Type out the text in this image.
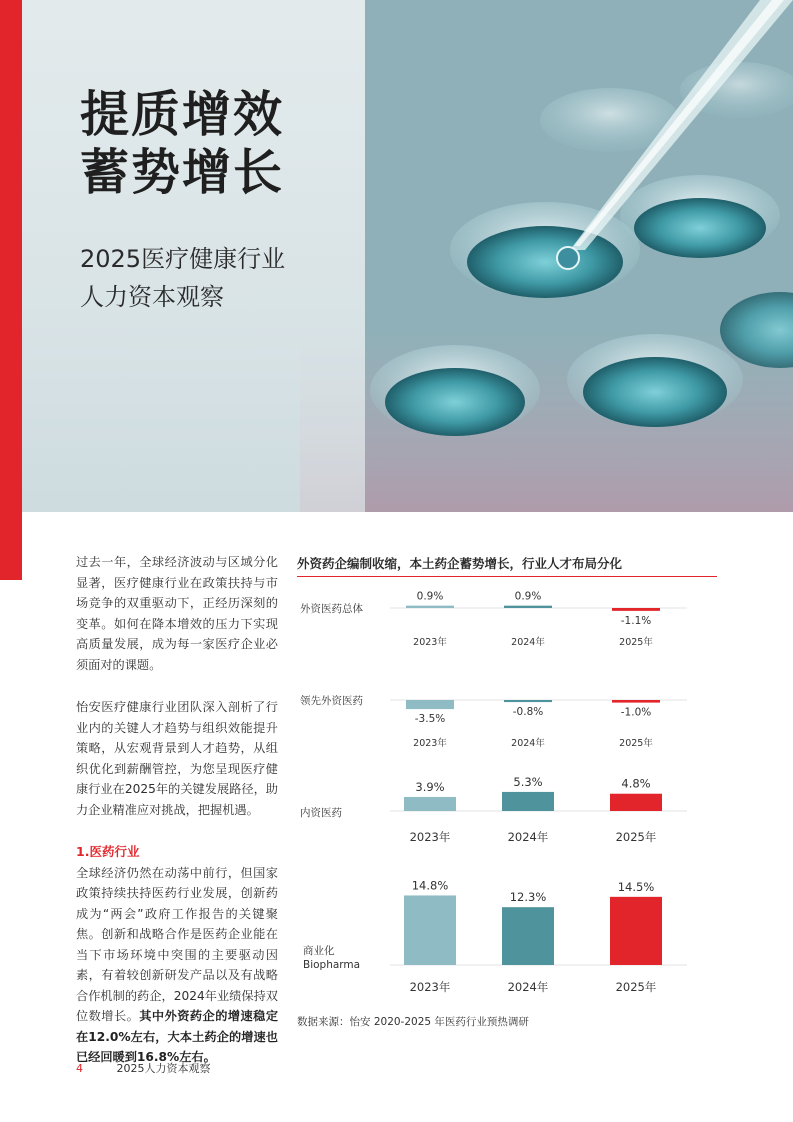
提质增效
蓄势增长
2025医疗健康行业
人力资本观察

过去一年，全球经济波动与区域分化显著，医疗健康行业在政策扶持与市场竞争的双重驱动下，正经历深刻的变革。如何在降本增效的压力下实现高质量发展，成为每一家医疗企业必须面对的课题。

怡安医疗健康行业团队深入剖析了行业内的关键人才趋势与组织效能提升策略，从宏观背景到人才趋势，从组织优化到薪酬管控，为您呈现医疗健康行业在2025年的关键发展路径，助力企业精准应对挑战，把握机遇。

1.医药行业
全球经济仍然在动荡中前行，但国家政策持续扶持医药行业发展，创新药成为“两会”政府工作报告的关键聚焦。创新和战略合作是医药企业能在当下市场环境中突围的主要驱动因素，有着较创新研发产品以及有战略合作机制的药企，2024年业绩保持双位数增长。其中外资药企的增速稳定在12.0%左右，大本土药企的增速也已经回暖到16.8%左右。
外资药企编制收缩，本土药企蓄势增长，行业人才布局分化
外资医药总体
0.9%
2023年
0.9%
2024年
-1.1%
2025年
领先外资医药
-3.5%
2023年
-0.8%
2024年
-1.0%
2025年
内资医药
3.9%
2023年
5.3%
2024年
4.8%
2025年
商业化
Biopharma
14.8%
2023年
12.3%
2024年
14.5%
2025年
数据来源：怡安 2020-2025 年医药行业预热调研
4	2025人力资本观察
